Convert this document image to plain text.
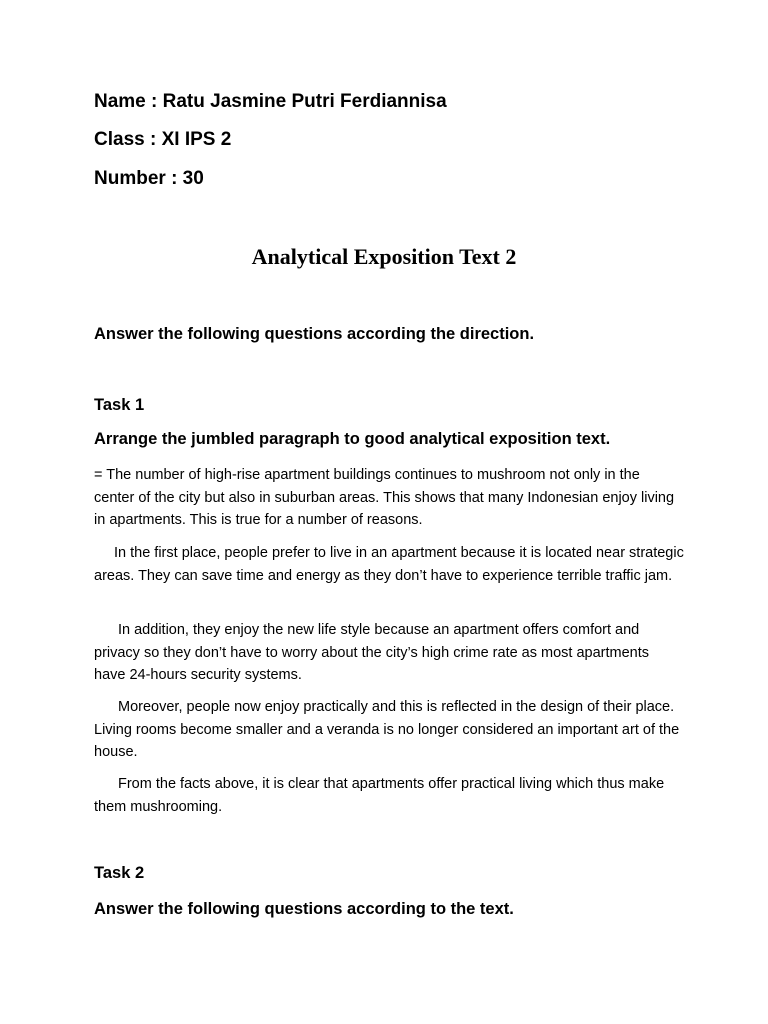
Name : Ratu Jasmine Putri Ferdiannisa
Class : XI IPS 2
Number : 30
Analytical Exposition Text 2
Answer the following questions according the direction.
Task 1
Arrange the jumbled paragraph to good analytical exposition text.
= The number of high-rise apartment buildings continues to mushroom not only in the center of the city but also in suburban areas. This shows that many Indonesian enjoy living in apartments. This is true for a number of reasons.
In the first place, people prefer to live in an apartment because it is located near strategic areas. They can save time and energy as they don’t have to experience terrible traffic jam.
In addition, they enjoy the new life style because an apartment offers comfort and privacy so they don’t have to worry about the city’s high crime rate as most apartments have 24-hours security systems.
Moreover, people now enjoy practically and this is reflected in the design of their place. Living rooms become smaller and a veranda is no longer considered an important art of the house.
From the facts above, it is clear that apartments offer practical living which thus make them mushrooming.
Task 2
Answer the following questions according to the text.
